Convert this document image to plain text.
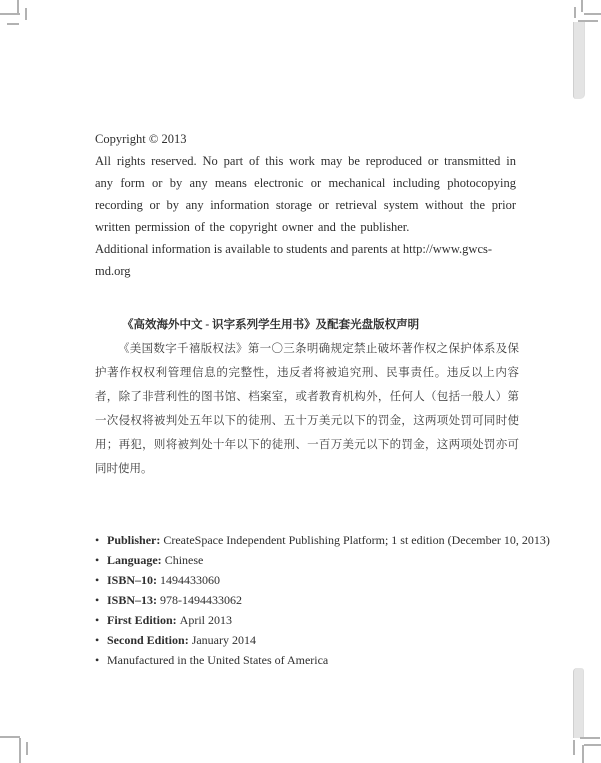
Copyright © 2013
All rights reserved. No part of this work may be reproduced or transmitted in any form or by any means electronic or mechanical including photocopying recording or by any information storage or retrieval system without the prior written permission of the copyright owner and the publisher.
Additional information is available to students and parents at http://www.gwcs-md.org

《高效海外中文 - 识字系列学生用书》及配套光盘版权声明

《美国数字千禧版权法》第一〇三条明确规定禁止破坏著作权之保护体系及保护著作权权利管理信息的完整性，违反者将被追究刑、民事责任。违反以上内容者，除了非营利性的图书馆、档案室，或者教育机构外，任何人（包括一般人）第一次侵权将被判处五年以下的徒刑、五十万美元以下的罚金，这两项处罚可同时使用；再犯，则将被判处十年以下的徒刑、一百万美元以下的罚金，这两项处罚亦可同时使用。

• Publisher: CreateSpace Independent Publishing Platform; 1 st edition (December 10, 2013)
• Language: Chinese
• ISBN–10: 1494433060
• ISBN–13: 978-1494433062
• First Edition: April 2013
• Second Edition: January 2014
• Manufactured in the United States of America
